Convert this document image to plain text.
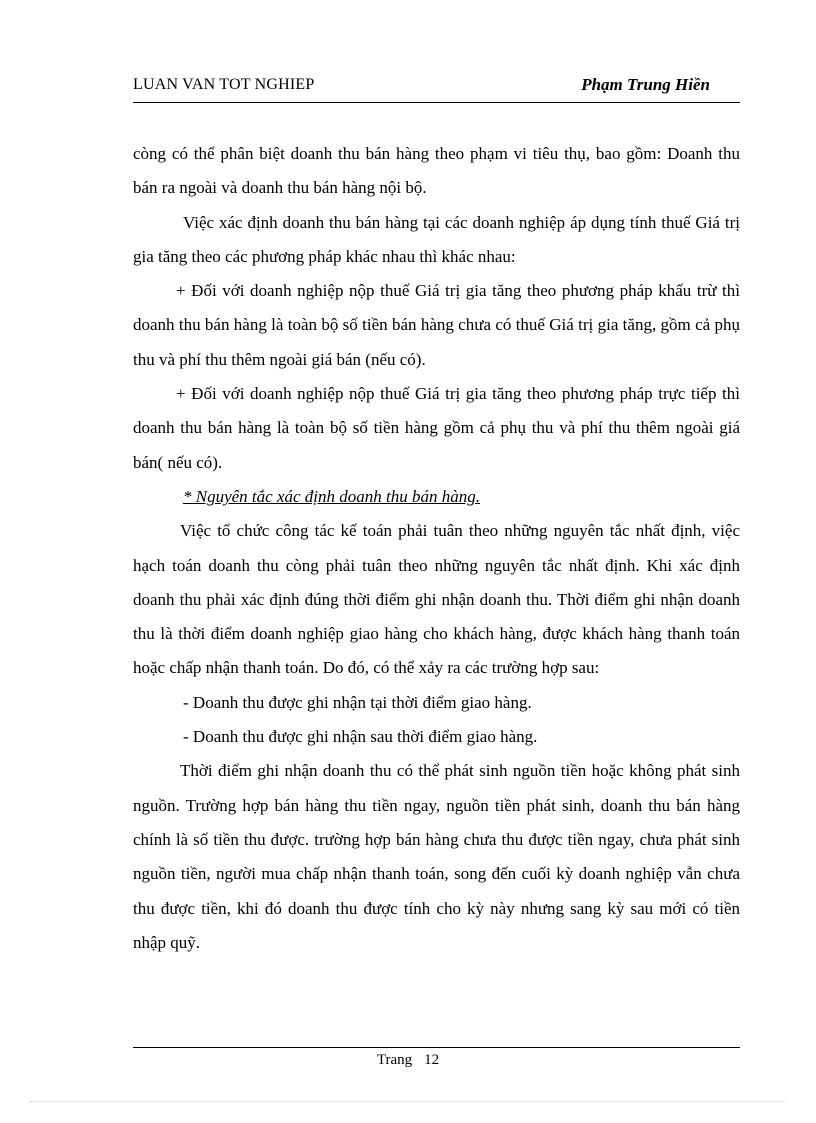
LUAN VAN TOT NGHIEP	Phạm Trung Hiền

còng có thể phân biệt doanh thu bán hàng theo phạm vi tiêu thụ, bao gồm: Doanh thu bán ra ngoài và doanh thu bán hàng nội bộ.

Việc xác định doanh thu bán hàng tại các doanh nghiệp áp dụng tính thuế Giá trị gia tăng theo các phương pháp khác nhau thì khác nhau:

+ Đối với doanh nghiệp nộp thuế Giá trị gia tăng theo phương pháp khấu trừ thì doanh thu bán hàng là toàn bộ số tiền bán hàng chưa có thuế Giá trị gia tăng, gồm cả phụ thu và phí thu thêm ngoài giá bán (nếu có).

+ Đối với doanh nghiệp nộp thuế Giá trị gia tăng theo phương pháp trực tiếp thì doanh thu bán hàng là toàn bộ số tiền hàng gồm cả phụ thu và phí thu thêm ngoài giá bán( nếu có).

* Nguyên tắc xác định doanh thu bán hàng.

Việc tổ chức công tác kế toán phải tuân theo những nguyên tắc nhất định, việc hạch toán doanh thu còng phải tuân theo những nguyên tắc nhất định. Khi xác định doanh thu phải xác định đúng thời điểm ghi nhận doanh thu. Thời điểm ghi nhận doanh thu là thời điểm doanh nghiệp giao hàng cho khách hàng, được khách hàng thanh toán hoặc chấp nhận thanh toán. Do đó, có thể xảy ra các trường hợp sau:

- Doanh thu được ghi nhận tại thời điểm giao hàng.

- Doanh thu được ghi nhận sau thời điểm giao hàng.

Thời điểm ghi nhận doanh thu có thể phát sinh nguồn tiền hoặc không phát sinh nguồn. Trường hợp bán hàng thu tiền ngay, nguồn tiền phát sinh, doanh thu bán hàng chính là số tiền thu được. trường hợp bán hàng chưa thu được tiền ngay, chưa phát sinh nguồn tiền, người mua chấp nhận thanh toán, song đến cuối kỳ doanh nghiệp vẫn chưa thu được tiền, khi đó doanh thu được tính cho kỳ này nhưng sang kỳ sau mới có tiền nhập quỹ.

Trang 12
